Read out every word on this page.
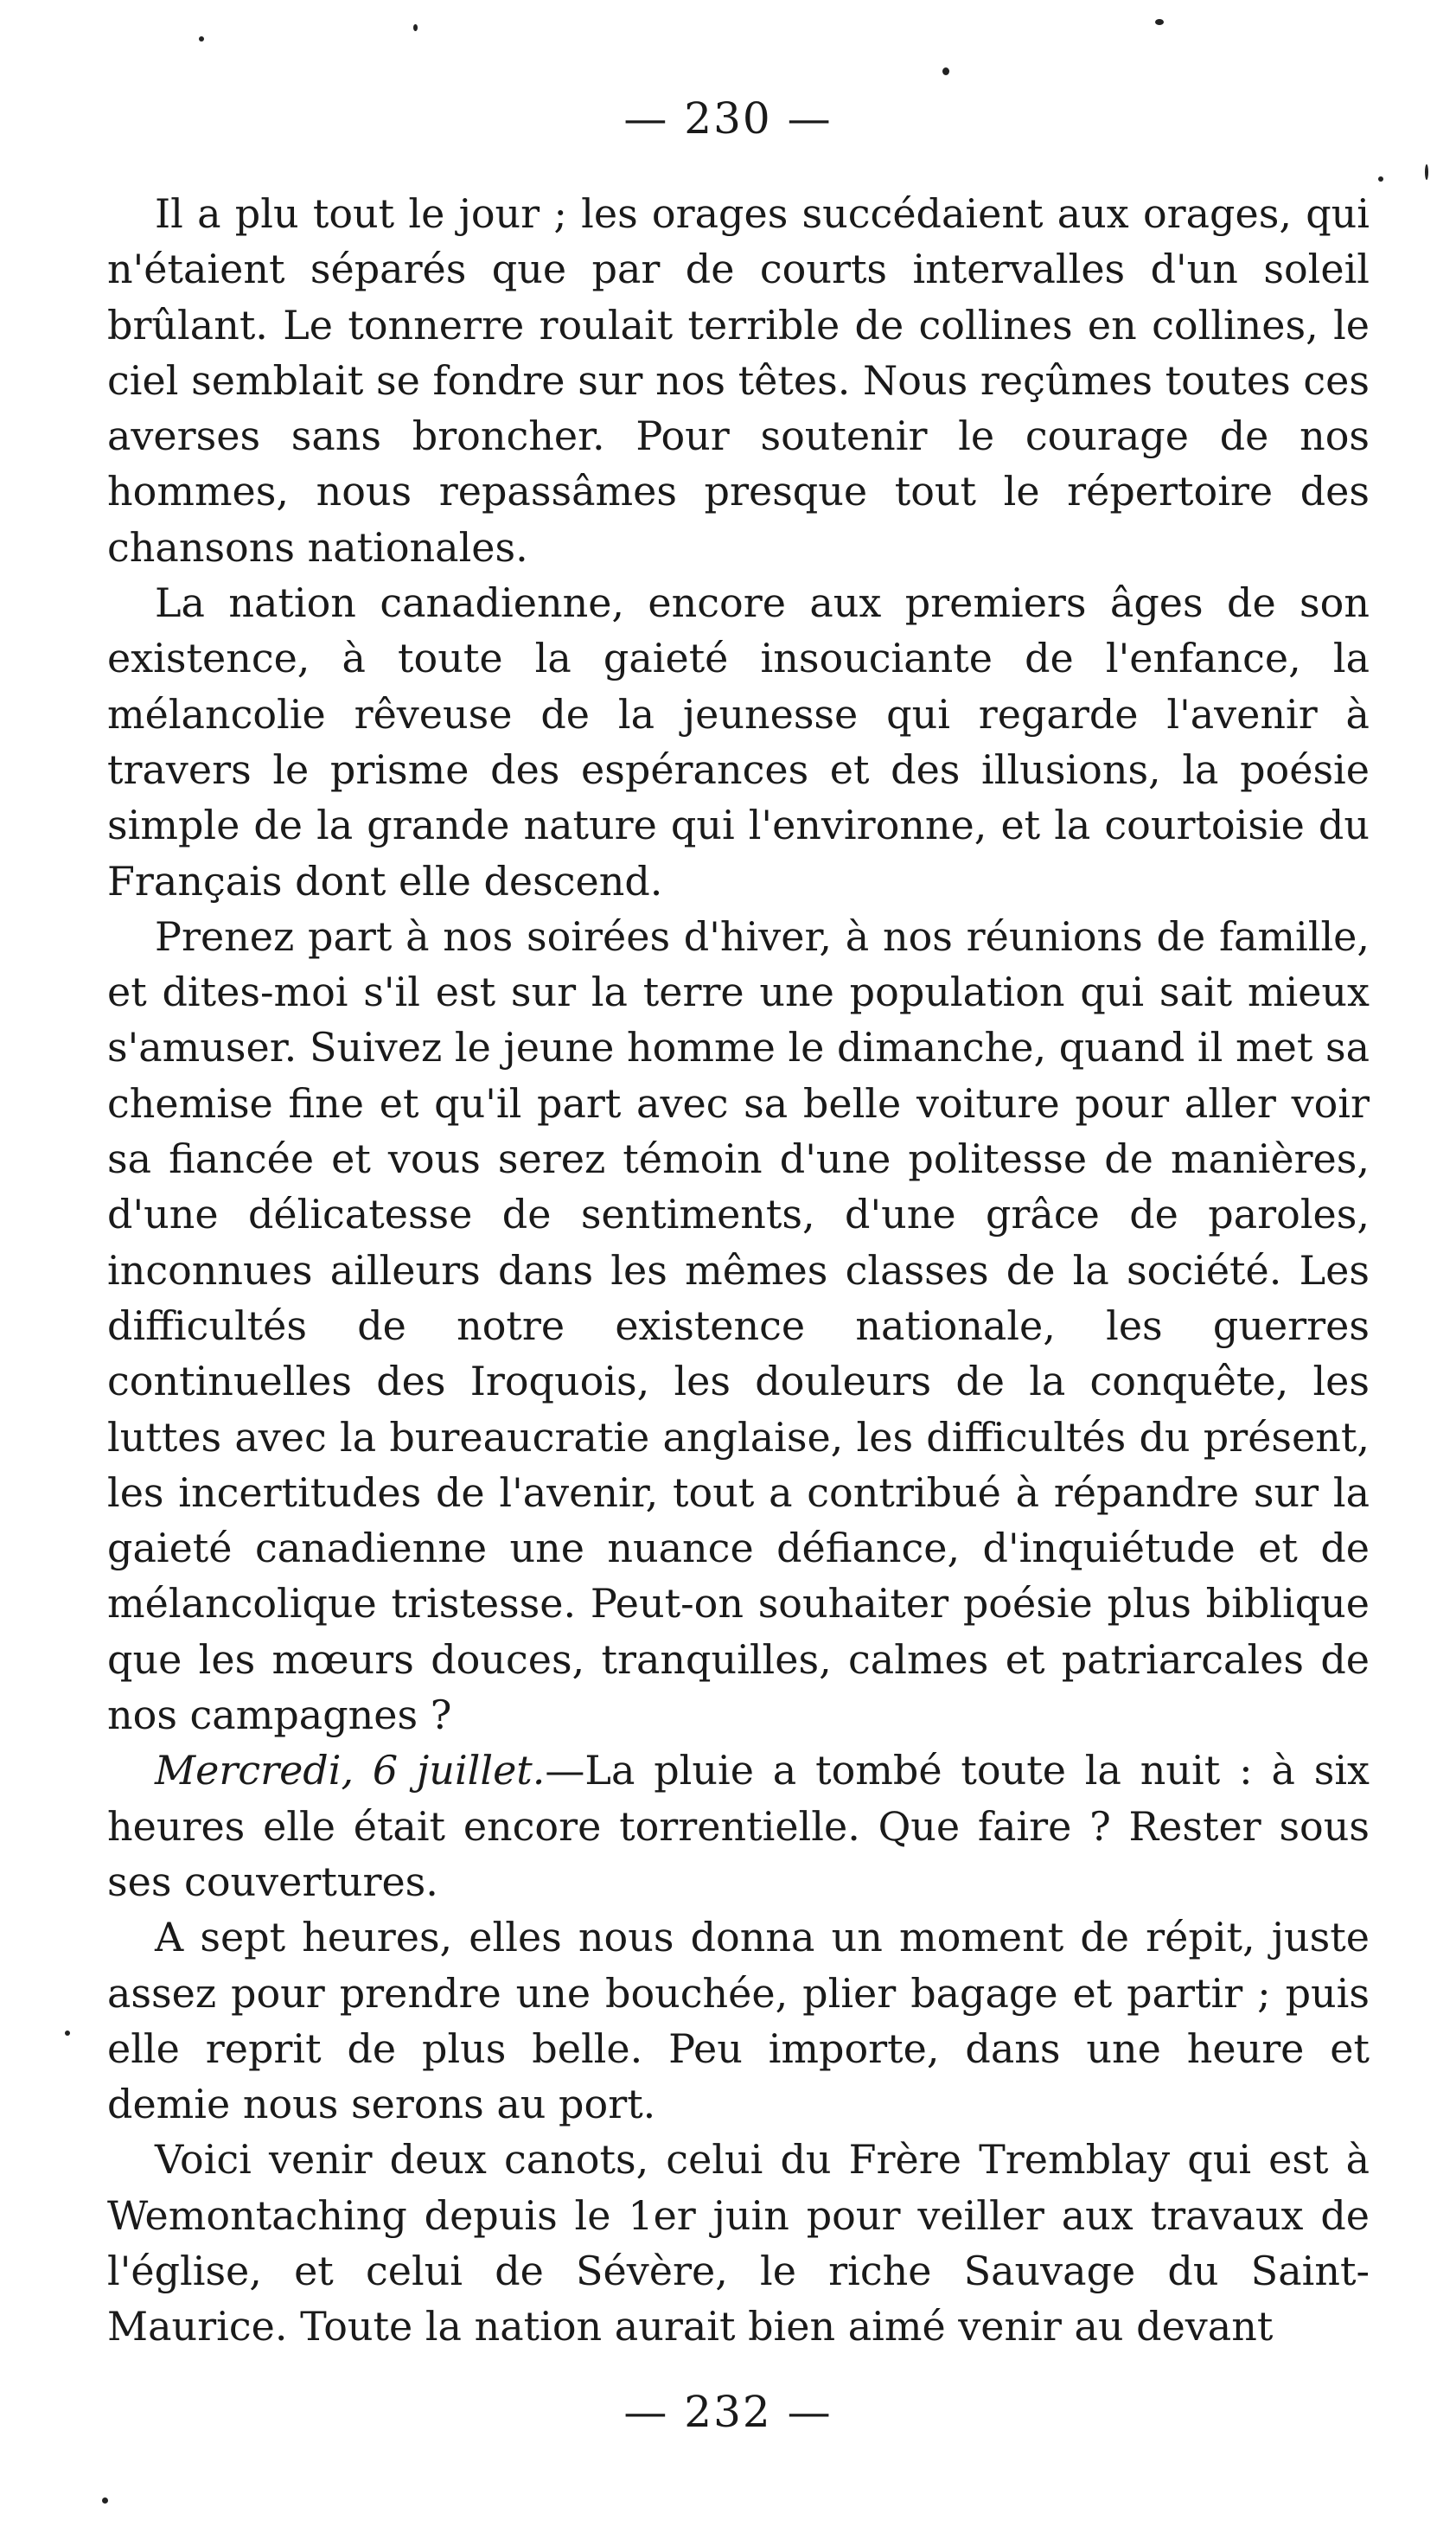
— 230 —

Il a plu tout le jour ; les orages succédaient aux orages, qui n'étaient séparés que par de courts intervalles d'un soleil brûlant. Le tonnerre roulait terrible de collines en collines, le ciel semblait se fondre sur nos têtes. Nous reçûmes toutes ces averses sans broncher. Pour soutenir le courage de nos hommes, nous repassâmes presque tout le répertoire des chansons nationales.

La nation canadienne, encore aux premiers âges de son existence, à toute la gaieté insouciante de l'enfance, la mélancolie rêveuse de la jeunesse qui regarde l'avenir à travers le prisme des espérances et des illusions, la poésie simple de la grande nature qui l'environne, et la courtoisie du Français dont elle descend.

Prenez part à nos soirées d'hiver, à nos réunions de famille, et dites-moi s'il est sur la terre une population qui sait mieux s'amuser. Suivez le jeune homme le dimanche, quand il met sa chemise fine et qu'il part avec sa belle voiture pour aller voir sa fiancée et vous serez témoin d'une politesse de manières, d'une délicatesse de sentiments, d'une grâce de paroles, inconnues ailleurs dans les mêmes classes de la société. Les difficultés de notre existence nationale, les guerres continuelles des Iroquois, les douleurs de la conquête, les luttes avec la bureaucratie anglaise, les difficultés du présent, les incertitudes de l'avenir, tout a contribué à répandre sur la gaieté canadienne une nuance défiance, d'inquiétude et de mélancolique tristesse. Peut-on souhaiter poésie plus biblique que les mœurs douces, tranquilles, calmes et patriarcales de nos campagnes ?

Mercredi, 6 juillet.—La pluie a tombé toute la nuit : à six heures elle était encore torrentielle. Que faire ? Rester sous ses couvertures.

A sept heures, elles nous donna un moment de répit, juste assez pour prendre une bouchée, plier bagage et partir ; puis elle reprit de plus belle. Peu importe, dans une heure et demie nous serons au port.

Voici venir deux canots, celui du Frère Tremblay qui est à Wemontaching depuis le 1er juin pour veiller aux travaux de l'église, et celui de Sévère, le riche Sauvage du Saint-Maurice. Toute la nation aurait bien aimé venir au devant

— 232 —
